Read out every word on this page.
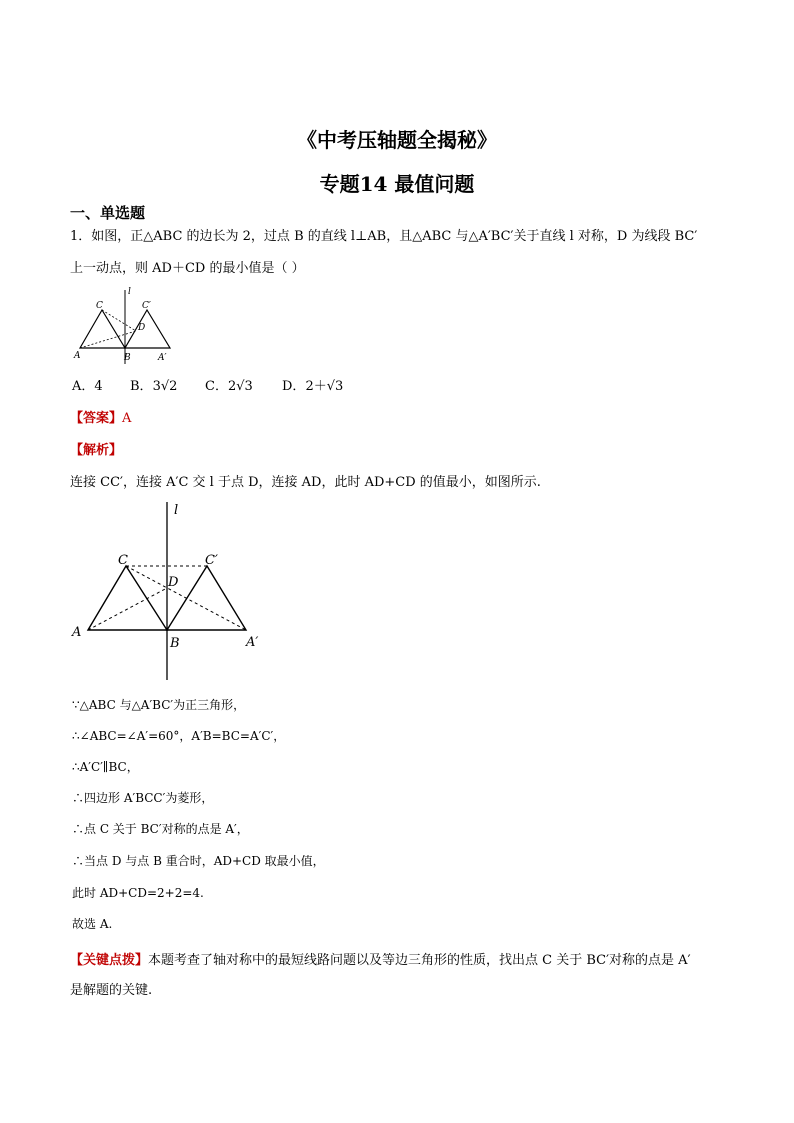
《中考压轴题全揭秘》
专题14 最值问题
一、单选题
1．如图，正△ABC 的边长为 2，过点 B 的直线 l⊥AB，且△ABC 与△A′BC′关于直线 l 对称，D 为线段 BC′
上一动点，则 AD＋CD 的最小值是（ ）
C	C′
l
D
A	B	A′
A．4 B．3√2 C．2√3 D．2＋√3
【答案】A
【解析】
连接 CC′，连接 A′C 交 l 于点 D，连接 AD，此时 AD+CD 的值最小，如图所示.
l
C	C′
D
A
B	A′
∵△ABC 与△A′BC′为正三角形，
∴∠ABC=∠A′=60°，A′B=BC=A′C′，
∴A′C′∥BC，
∴四边形 A′BCC′为菱形，
∴点 C 关于 BC′对称的点是 A′，
∴当点 D 与点 B 重合时，AD+CD 取最小值，
此时 AD+CD=2+2=4.
故选 A.
【关键点拨】本题考查了轴对称中的最短线路问题以及等边三角形的性质，找出点 C 关于 BC′对称的点是 A′
是解题的关键.
